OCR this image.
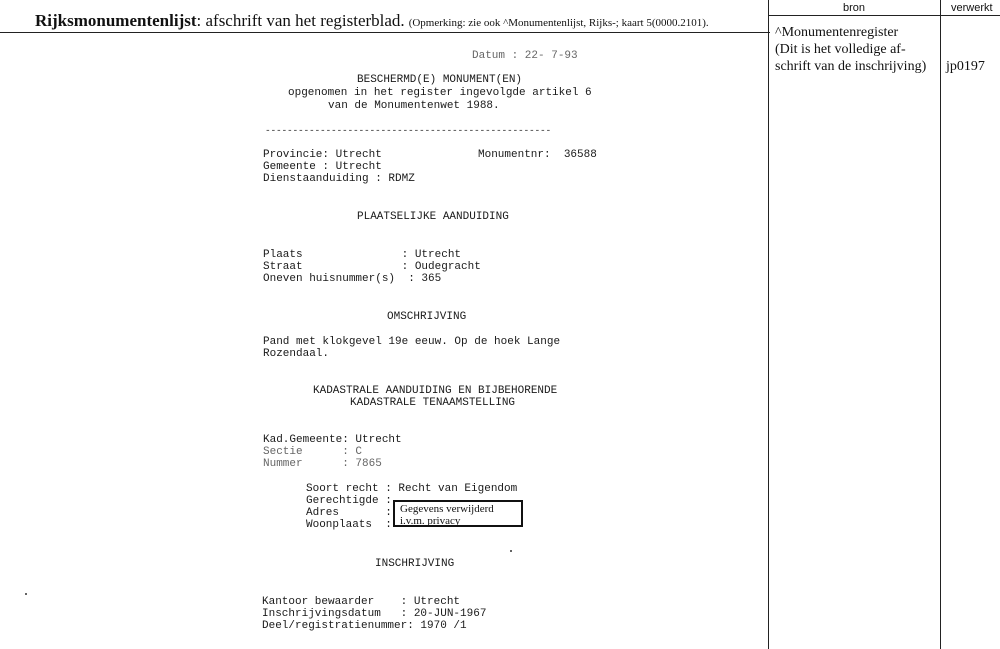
Rijksmonumentenlijst: afschrift van het registerblad. (Opmerking: zie ook ^Monumentenlijst, Rijks-; kaart 5(0000.2101).
bron	verwerkt
^Monumentenregister
(Dit is het volledige af-
schrift van de inschrijving)	jp0197
Datum : 22- 7-93
BESCHERMD(E) MONUMENT(EN)
opgenomen in het register ingevolgde artikel 6
van de Monumentenwet 1988.
----------------------------------------------------
Provincie: Utrecht	Monumentnr:  36588
Gemeente : Utrecht
Dienstaanduiding : RDMZ
PLAATSELIJKE AANDUIDING
Plaats               : Utrecht
Straat               : Oudegracht
Oneven huisnummer(s)  : 365
OMSCHRIJVING
Pand met klokgevel 19e eeuw. Op de hoek Lange
Rozendaal.
KADASTRALE AANDUIDING EN BIJBEHORENDE
KADASTRALE TENAAMSTELLING
Kad.Gemeente: Utrecht
Sectie      : C
Nummer      : 7865
Soort recht : Recht van Eigendom
Gerechtigde :
Adres       :
Woonplaats  :
Gegevens verwijderd i.v.m. privacy
INSCHRIJVING
Kantoor bewaarder    : Utrecht
Inschrijvingsdatum   : 20-JUN-1967
Deel/registratienummer: 1970 /1
